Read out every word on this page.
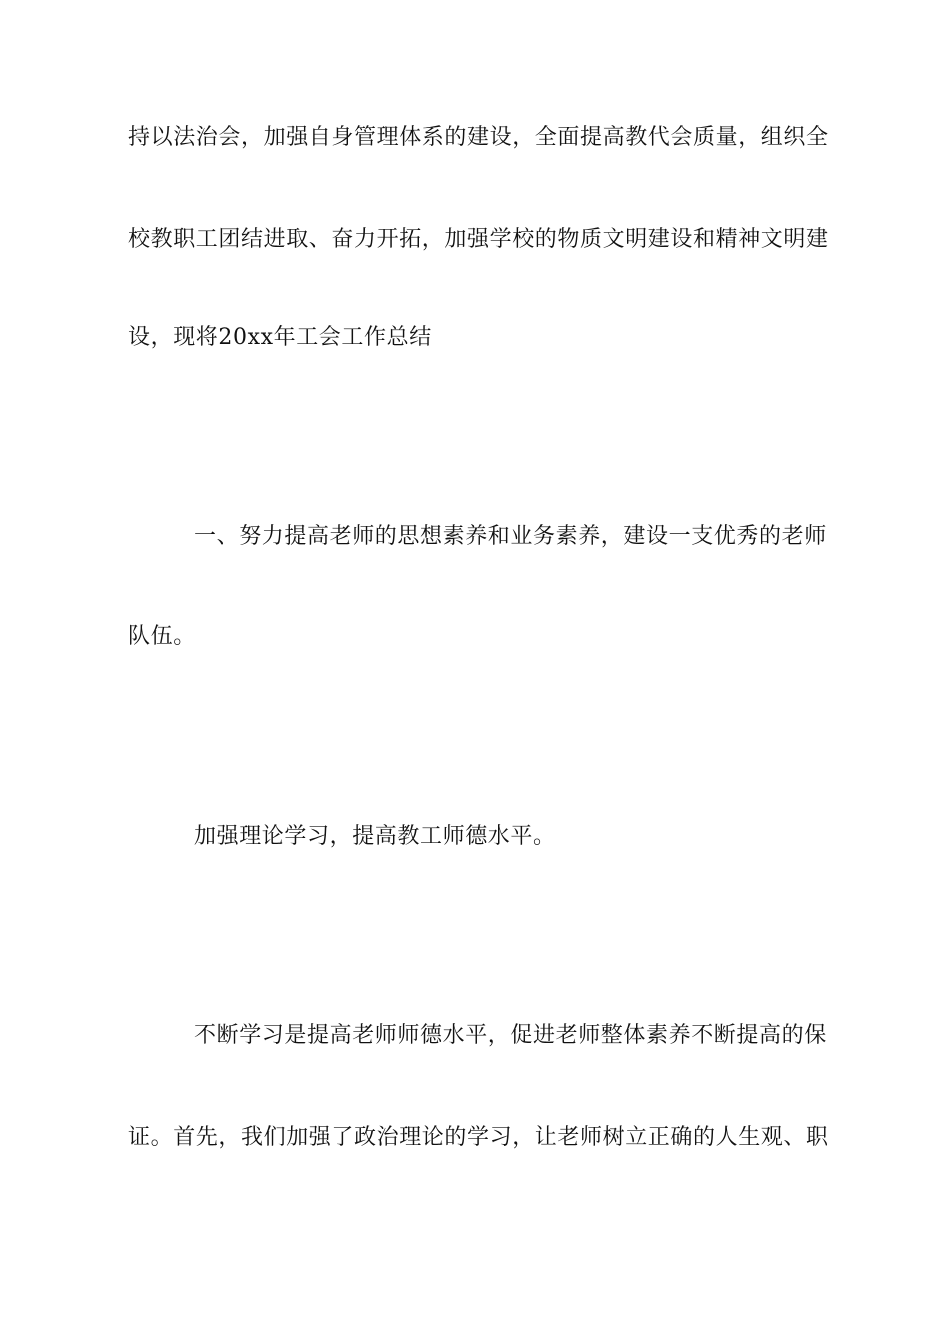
持以法治会，加强自身管理体系的建设，全面提高教代会质量，组织全
校教职工团结进取、奋力开拓，加强学校的物质文明建设和精神文明建
设，现将20xx年工会工作总结
一、努力提高老师的思想素养和业务素养，建设一支优秀的老师
队伍。
加强理论学习，提高教工师德水平。
不断学习是提高老师师德水平，促进老师整体素养不断提高的保
证。首先，我们加强了政治理论的学习，让老师树立正确的人生观、职
